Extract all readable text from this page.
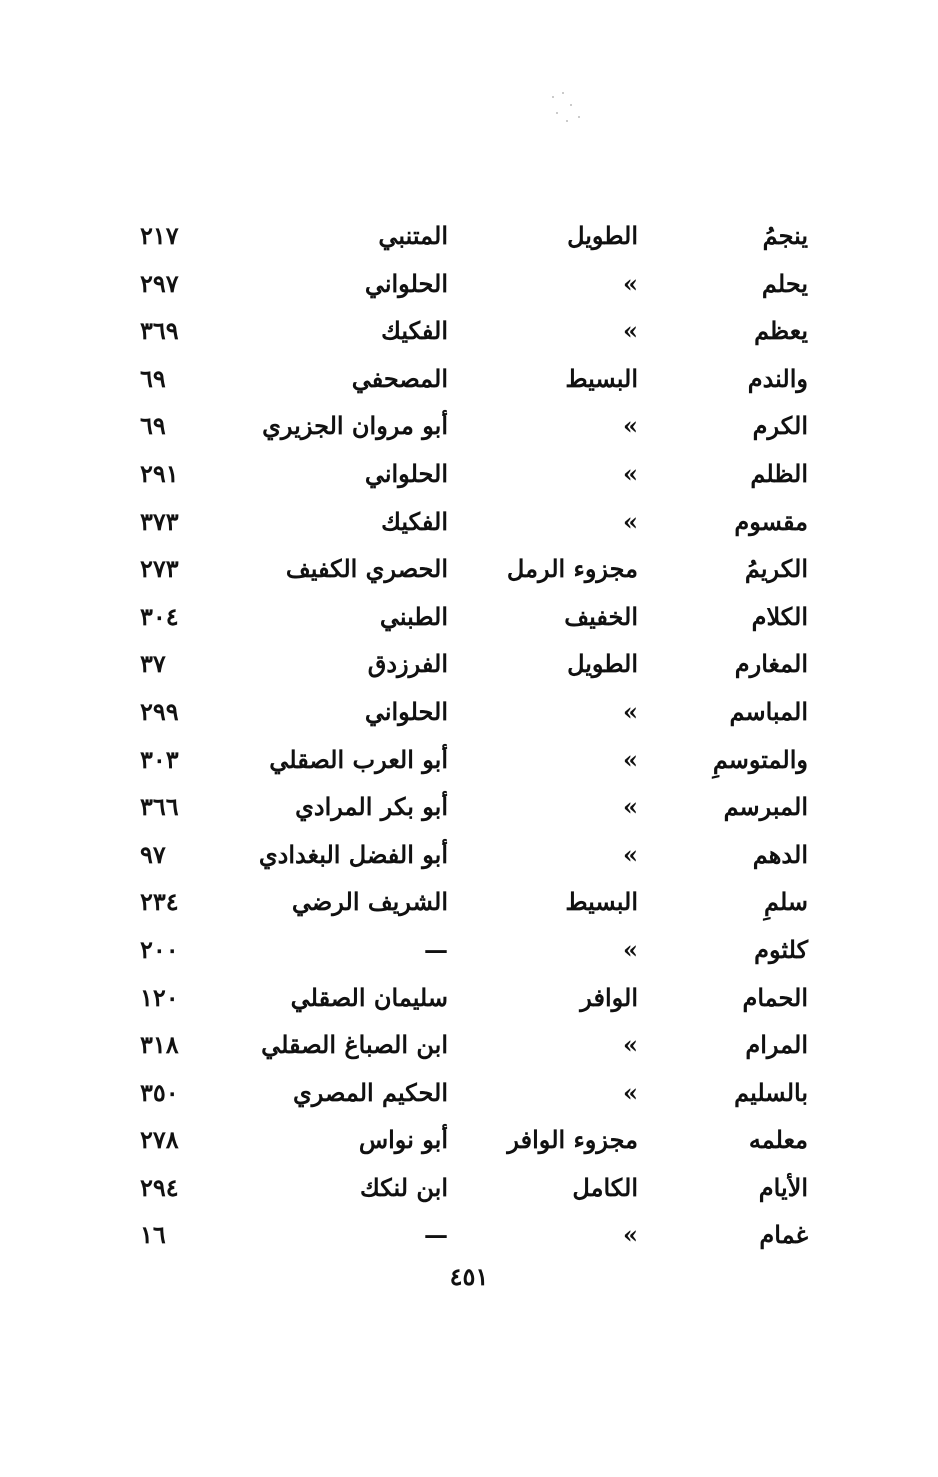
ينجمُ
الطويل
المتنبي
٢١٧
يحلم
»
الحلواني
٢٩٧
يعظم
»
الفكيك
٣٦٩
والندم
البسيط
المصحفي
٦٩
الكرم
»
أبو مروان الجزيري
٦٩
الظلم
»
الحلواني
٢٩١
مقسوم
»
الفكيك
٣٧٣
الكريمُ
مجزوء الرمل
الحصري الكفيف
٢٧٣
الكلام
الخفيف
الطبني
٣٠٤
المغارم
الطويل
الفرزدق
٣٧
المباسم
»
الحلواني
٢٩٩
والمتوسمِ
»
أبو العرب الصقلي
٣٠٣
المبرسم
»
أبو بكر المرادي
٣٦٦
الدهم
»
أبو الفضل البغدادي
٩٧
سلمِ
البسيط
الشريف الرضي
٢٣٤
كلثوم
»
—
٢٠٠
الحمام
الوافر
سليمان الصقلي
١٢٠
المرام
»
ابن الصباغ الصقلي
٣١٨
بالسليم
»
الحكيم المصري
٣٥٠
معلمه
مجزوء الوافر
أبو نواس
٢٧٨
الأيام
الكامل
ابن لنكك
٢٩٤
غمام
»
—
١٦
٤٥١
